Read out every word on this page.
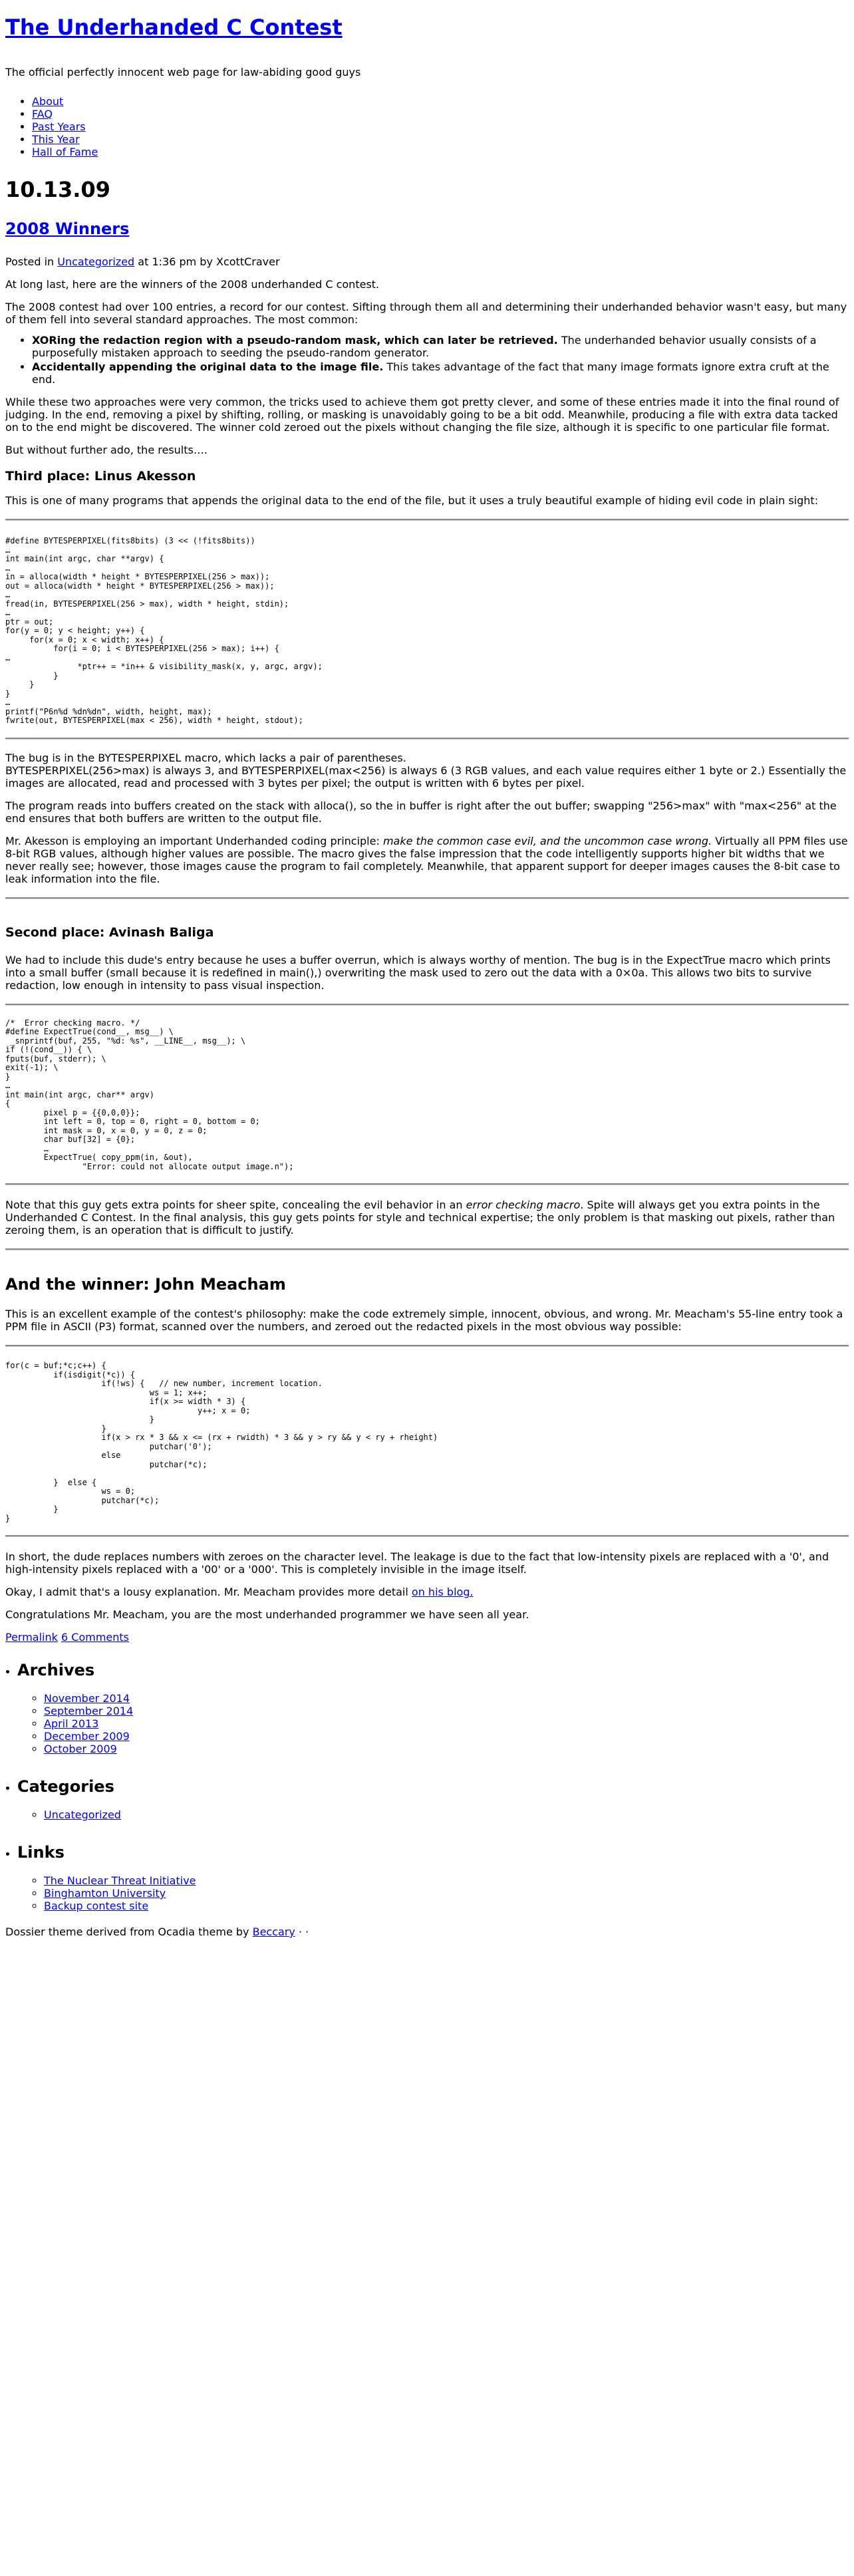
The Underhanded C Contest

The official perfectly innocent web page for law-abiding good guys

• About
• FAQ
• Past Years
• This Year
• Hall of Fame
10.13.09
2008 Winners

Posted in Uncategorized at 1:36 pm by XcottCraver

At long last, here are the winners of the 2008 underhanded C contest.

The 2008 contest had over 100 entries, a record for our contest. Sifting through them all and determining their underhanded behavior wasn't easy, but many of them fell into several standard approaches. The most common:

• XORing the redaction region with a pseudo-random mask, which can later be retrieved. The underhanded behavior usually consists of a purposefully mistaken approach to seeding the pseudo-random generator.
• Accidentally appending the original data to the image file. This takes advantage of the fact that many image formats ignore extra cruft at the end.

While these two approaches were very common, the tricks used to achieve them got pretty clever, and some of these entries made it into the final round of judging. In the end, removing a pixel by shifting, rolling, or masking is unavoidably going to be a bit odd. Meanwhile, producing a file with extra data tacked on to the end might be discovered. The winner cold zeroed out the pixels without changing the file size, although it is specific to one particular file format.

But without further ado, the results….

Third place: Linus Akesson

This is one of many programs that appends the original data to the end of the file, but it uses a truly beautiful example of hiding evil code in plain sight:

#define BYTESPERPIXEL(fits8bits) (3 << (!fits8bits))
…
int main(int argc, char **argv) {
…
in = alloca(width * height * BYTESPERPIXEL(256 > max));
out = alloca(width * height * BYTESPERPIXEL(256 > max));
…
fread(in, BYTESPERPIXEL(256 > max), width * height, stdin);
…
ptr = out;
for(y = 0; y < height; y++) {
for(x = 0; x < width; x++) {
for(i = 0; i < BYTESPERPIXEL(256 > max); i++) {
…
*ptr++ = *in++ & visibility_mask(x, y, argc, argv);
}
}
}
…
printf("P6n%d %dn%dn", width, height, max);
fwrite(out, BYTESPERPIXEL(max < 256), width * height, stdout);

The bug is in the BYTESPERPIXEL macro, which lacks a pair of parentheses.
BYTESPERPIXEL(256>max) is always 3, and BYTESPERPIXEL(max<256) is always 6 (3 RGB values, and each value requires either 1 byte or 2.) Essentially the images are allocated, read and processed with 3 bytes per pixel; the output is written with 6 bytes per pixel.

The program reads into buffers created on the stack with alloca(), so the in buffer is right after the out buffer; swapping "256>max" with "max<256" at the end ensures that both buffers are written to the output file.

Mr. Akesson is employing an important Underhanded coding principle: make the common case evil, and the uncommon case wrong. Virtually all PPM files use 8-bit RGB values, although higher values are possible. The macro gives the false impression that the code intelligently supports higher bit widths that we never really see; however, those images cause the program to fail completely. Meanwhile, that apparent support for deeper images causes the 8-bit case to leak information into the file.

Second place: Avinash Baliga

We had to include this dude's entry because he uses a buffer overrun, which is always worthy of mention. The bug is in the ExpectTrue macro which prints into a small buffer (small because it is redefined in main(),) overwriting the mask used to zero out the data with a 0×0a. This allows two bits to survive redaction, low enough in intensity to pass visual inspection.

/*  Error checking macro. */
#define ExpectTrue(cond__, msg__) \
_snprintf(buf, 255, "%d: %s", __LINE__, msg__); \
if (!(cond__)) { \
fputs(buf, stderr); \
exit(-1); \
}
…
int main(int argc, char** argv)
{
pixel p = {{0,0,0}};
int left = 0, top = 0, right = 0, bottom = 0;
int mask = 0, x = 0, y = 0, z = 0;
char buf[32] = {0};
…
ExpectTrue( copy_ppm(in, &out),
"Error: could not allocate output image.n");

Note that this guy gets extra points for sheer spite, concealing the evil behavior in an error checking macro. Spite will always get you extra points in the Underhanded C Contest. In the final analysis, this guy gets points for style and technical expertise; the only problem is that masking out pixels, rather than zeroing them, is an operation that is difficult to justify.

And the winner: John Meacham

This is an excellent example of the contest's philosophy: make the code extremely simple, innocent, obvious, and wrong. Mr. Meacham's 55-line entry took a PPM file in ASCII (P3) format, scanned over the numbers, and zeroed out the redacted pixels in the most obvious way possible:

for(c = buf;*c;c++) {
if(isdigit(*c)) {
if(!ws) {   // new number, increment location.
ws = 1; x++;
if(x >= width * 3) {
y++; x = 0;
}
}
if(x > rx * 3 && x <= (rx + rwidth) * 3 && y > ry && y < ry + rheight)
putchar('0');
else
putchar(*c);

}  else {
ws = 0;
putchar(*c);
}
}

In short, the dude replaces numbers with zeroes on the character level. The leakage is due to the fact that low-intensity pixels are replaced with a '0', and high-intensity pixels replaced with a '00' or a '000'. This is completely invisible in the image itself.

Okay, I admit that's a lousy explanation. Mr. Meacham provides more detail on his blog.

Congratulations Mr. Meacham, you are the most underhanded programmer we have seen all year.

Permalink 6 Comments

• Archives
◦ November 2014
◦ September 2014
◦ April 2013
◦ December 2009
◦ October 2009
• Categories
◦ Uncategorized
• Links
◦ The Nuclear Threat Initiative
◦ Binghamton University
◦ Backup contest site

Dossier theme derived from Ocadia theme by Beccary · ·
